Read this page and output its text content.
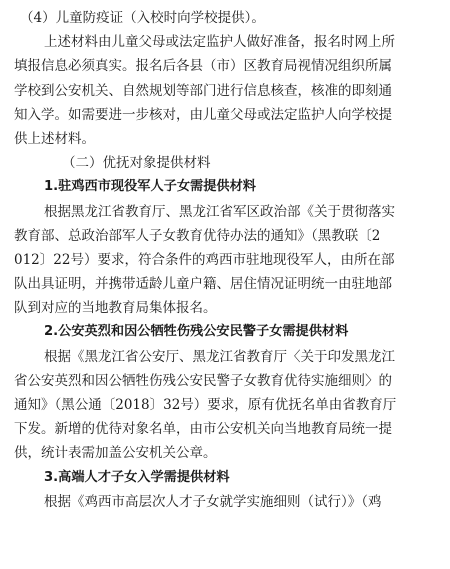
（4）儿童防疫证（入校时向学校提供）。
上述材料由儿童父母或法定监护人做好准备，报名时网上所
填报信息必须真实。报名后各县（市）区教育局视情况组织所属
学校到公安机关、自然规划等部门进行信息核查，核准的即刻通
知入学。如需要进一步核对，由儿童父母或法定监护人向学校提
供上述材料。
（二）优抚对象提供材料
1.驻鸡西市现役军人子女需提供材料
根据黑龙江省教育厅、黑龙江省军区政治部《关于贯彻落实
教育部、总政治部军人子女教育优待办法的通知》（黑教联〔2
012〕22号）要求，符合条件的鸡西市驻地现役军人，由所在部
队出具证明，并携带适龄儿童户籍、居住情况证明统一由驻地部
队到对应的当地教育局集体报名。
2.公安英烈和因公牺牲伤残公安民警子女需提供材料
根据《黑龙江省公安厅、黑龙江省教育厅〈关于印发黑龙江
省公安英烈和因公牺牲伤残公安民警子女教育优待实施细则〉的
通知》（黑公通〔2018〕32号）要求，原有优抚名单由省教育厅
下发。新增的优待对象名单，由市公安机关向当地教育局统一提
供，统计表需加盖公安机关公章。
3.高端人才子女入学需提供材料
根据《鸡西市高层次人才子女就学实施细则（试行）》（鸡
